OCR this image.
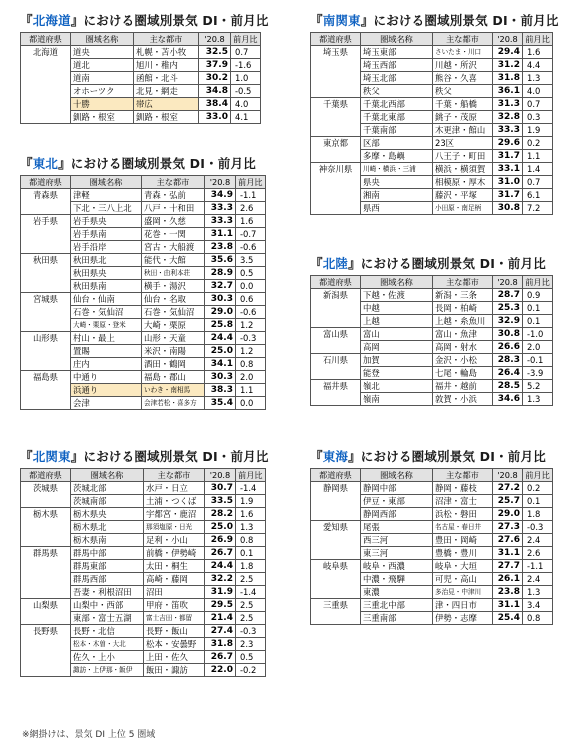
『北海道』における圏域別景気 DI・前月比
都道府県	圏域名称	主な都市	'20.8	前月比
北海道	道央	札幌・苫小牧	32.5	0.7
	道北	旭川・稚内	37.9	-1.6
	道南	函館・北斗	30.2	1.0
	オホーツク	北見・網走	34.8	-0.5
	十勝	帯広	38.4	4.0
	釧路・根室	釧路・根室	33.0	4.1
『南関東』における圏域別景気 DI・前月比
都道府県	圏域名称	主な都市	'20.8	前月比
埼玉県	埼玉東部	さいたま・川口	29.4	1.6
	埼玉西部	川越・所沢	31.2	4.4
	埼玉北部	熊谷・久喜	31.8	1.3
	秩父	秩父	36.1	4.0
千葉県	千葉北西部	千葉・船橋	31.3	0.7
	千葉北東部	銚子・茂原	32.8	0.3
	千葉南部	木更津・館山	33.3	1.9
東京都	区部	23区	29.6	0.2
	多摩・島嶼	八王子・町田	31.7	1.1
神奈川県	川崎・横浜・三浦	横浜・横須賀	33.1	1.4
	県央	相模原・厚木	31.0	0.7
	湘南	藤沢・平塚	31.7	6.1
	県西	小田原・南足柄	30.8	7.2
『東北』における圏域別景気 DI・前月比
都道府県	圏域名称	主な都市	'20.8	前月比
青森県	津軽	青森・弘前	34.9	-1.1
	下北・三八上北	八戸・十和田	33.3	2.6
岩手県	岩手県央	盛岡・久慈	33.3	1.6
	岩手県南	花巻・一関	31.1	-0.7
	岩手沿岸	宮古・大船渡	23.8	-0.6
秋田県	秋田県北	能代・大館	35.6	3.5
	秋田県央	秋田・由利本荘	28.9	0.5
	秋田県南	横手・湯沢	32.7	0.0
宮城県	仙台・仙南	仙台・名取	30.3	0.6
	石巻・気仙沼	石巻・気仙沼	29.0	-0.6
	大崎・栗原・登米	大崎・栗原	25.8	1.2
山形県	村山・最上	山形・天童	24.4	-0.3
	置賜	米沢・南陽	25.0	1.2
	庄内	酒田・鶴岡	34.1	0.8
福島県	中通り	福島・郡山	30.3	2.0
	浜通り	いわき・南相馬	38.3	1.1
	会津	会津若松・喜多方	35.4	0.0
『北陸』における圏域別景気 DI・前月比
都道府県	圏域名称	主な都市	'20.8	前月比
新潟県	下越・佐渡	新潟・三条	28.7	0.9
	中越	長岡・柏崎	25.3	0.1
	上越	上越・糸魚川	32.9	0.1
富山県	富山	富山・魚津	30.8	-1.0
	高岡	高岡・射水	26.6	2.0
石川県	加賀	金沢・小松	28.3	-0.1
	能登	七尾・輪島	26.4	-3.9
福井県	嶺北	福井・越前	28.5	5.2
	嶺南	敦賀・小浜	34.6	1.3
『北関東』における圏域別景気 DI・前月比
都道府県	圏域名称	主な都市	'20.8	前月比
茨城県	茨城北部	水戸・日立	30.7	-1.4
	茨城南部	土浦・つくば	33.5	1.9
栃木県	栃木県央	宇都宮・鹿沼	28.2	1.6
	栃木県北	那須塩原・日光	25.0	1.3
	栃木県南	足利・小山	26.9	0.8
群馬県	群馬中部	前橋・伊勢崎	26.7	0.1
	群馬東部	太田・桐生	24.4	1.8
	群馬西部	高崎・藤岡	32.2	2.5
	吾妻・利根沼田	沼田	31.9	-1.4
山梨県	山梨中・西部	甲府・笛吹	29.5	2.5
	東部・富士五湖	富士吉田・都留	21.4	2.5
長野県	長野・北信	長野・飯山	27.4	-0.3
	松本・木曽・大北	松本・安曇野	31.8	2.3
	佐久・上小	上田・佐久	26.7	0.5
	諏訪・上伊那・飯伊	飯田・諏訪	22.0	-0.2
『東海』における圏域別景気 DI・前月比
都道府県	圏域名称	主な都市	'20.8	前月比
静岡県	静岡中部	静岡・藤枝	27.2	0.2
	伊豆・東部	沼津・富士	25.7	0.1
	静岡西部	浜松・磐田	29.0	1.8
愛知県	尾張	名古屋・春日井	27.3	-0.3
	西三河	豊田・岡崎	27.6	2.4
	東三河	豊橋・豊川	31.1	2.6
岐阜県	岐阜・西濃	岐阜・大垣	27.7	-1.1
	中濃・飛騨	可児・高山	26.1	2.4
	東濃	多治見・中津川	23.8	1.3
三重県	三重北中部	津・四日市	31.1	3.4
	三重南部	伊勢・志摩	25.4	0.8
※網掛けは、景気 DI 上位 5 圏域
